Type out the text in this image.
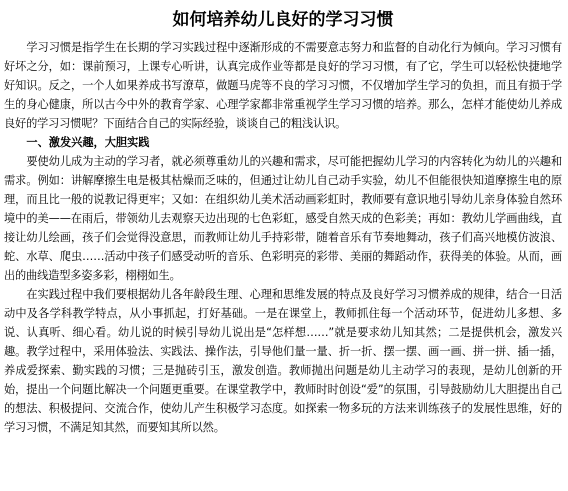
如何培养幼儿良好的学习习惯

学习习惯是指学生在长期的学习实践过程中逐渐形成的不需要意志努力和监督的自动化行为倾向。学习习惯有好坏之分，如：课前预习，上课专心听讲，认真完成作业等都是良好的学习习惯，有了它，学生可以轻松快捷地学好知识。反之，一个人如果养成书写潦草，做题马虎等不良的学习习惯，不仅增加学生学习的负担，而且有损于学生的身心健康，所以古今中外的教育学家、心理学家都非常重视学生学习习惯的培养。那么，怎样才能使幼儿养成良好的学习习惯呢？下面结合自己的实际经验，谈谈自己的粗浅认识。

一、激发兴趣，大胆实践

要使幼儿成为主动的学习者，就必须尊重幼儿的兴趣和需求，尽可能把握幼儿学习的内容转化为幼儿的兴趣和需求。例如：讲解摩擦生电是极其枯燥而乏味的，但通过让幼儿自己动手实验，幼儿不但能很快知道摩擦生电的原理，而且比一般的说教记得更牢；又如：在组织幼儿美术活动画彩虹时，教师要有意识地引导幼儿亲身体验自然环境中的美——在雨后，带领幼儿去观察天边出现的七色彩虹，感受自然天成的色彩美；再如：教幼儿学画曲线，直接让幼儿绘画，孩子们会觉得没意思，而教师让幼儿手持彩带，随着音乐有节奏地舞动，孩子们高兴地模仿波浪、蛇、水草、爬虫……活动中孩子们感受动听的音乐、色彩明亮的彩带、美丽的舞蹈动作，获得美的体验。从而，画出的曲线造型多姿多彩，栩栩如生。

在实践过程中我们要根据幼儿各年龄段生理、心理和思维发展的特点及良好学习习惯养成的规律，结合一日活动中及各学科教学特点，从小事抓起，打好基础。一是在课堂上，教师抓住每一个活动环节，促进幼儿多想、多说、认真听、细心看。幼儿说的时候引导幼儿说出是“怎样想……”就是要求幼儿知其然；二是提供机会，激发兴趣。教学过程中，采用体验法、实践法、操作法，引导他们量一量、折一折、摆一摆、画一画、拼一拼、插一插，养成爱探索、勤实践的习惯；三是抛砖引玉，激发创造。教师抛出问题是幼儿主动学习的表现，是幼儿创新的开始，提出一个问题比解决一个问题更重要。在课堂教学中，教师时时创设“爱”的氛围，引导鼓励幼儿大胆提出自己的想法、积极提问、交流合作，使幼儿产生积极学习态度。如探索一物多玩的方法来训练孩子的发展性思维，好的学习习惯，不满足知其然，而要知其所以然。
